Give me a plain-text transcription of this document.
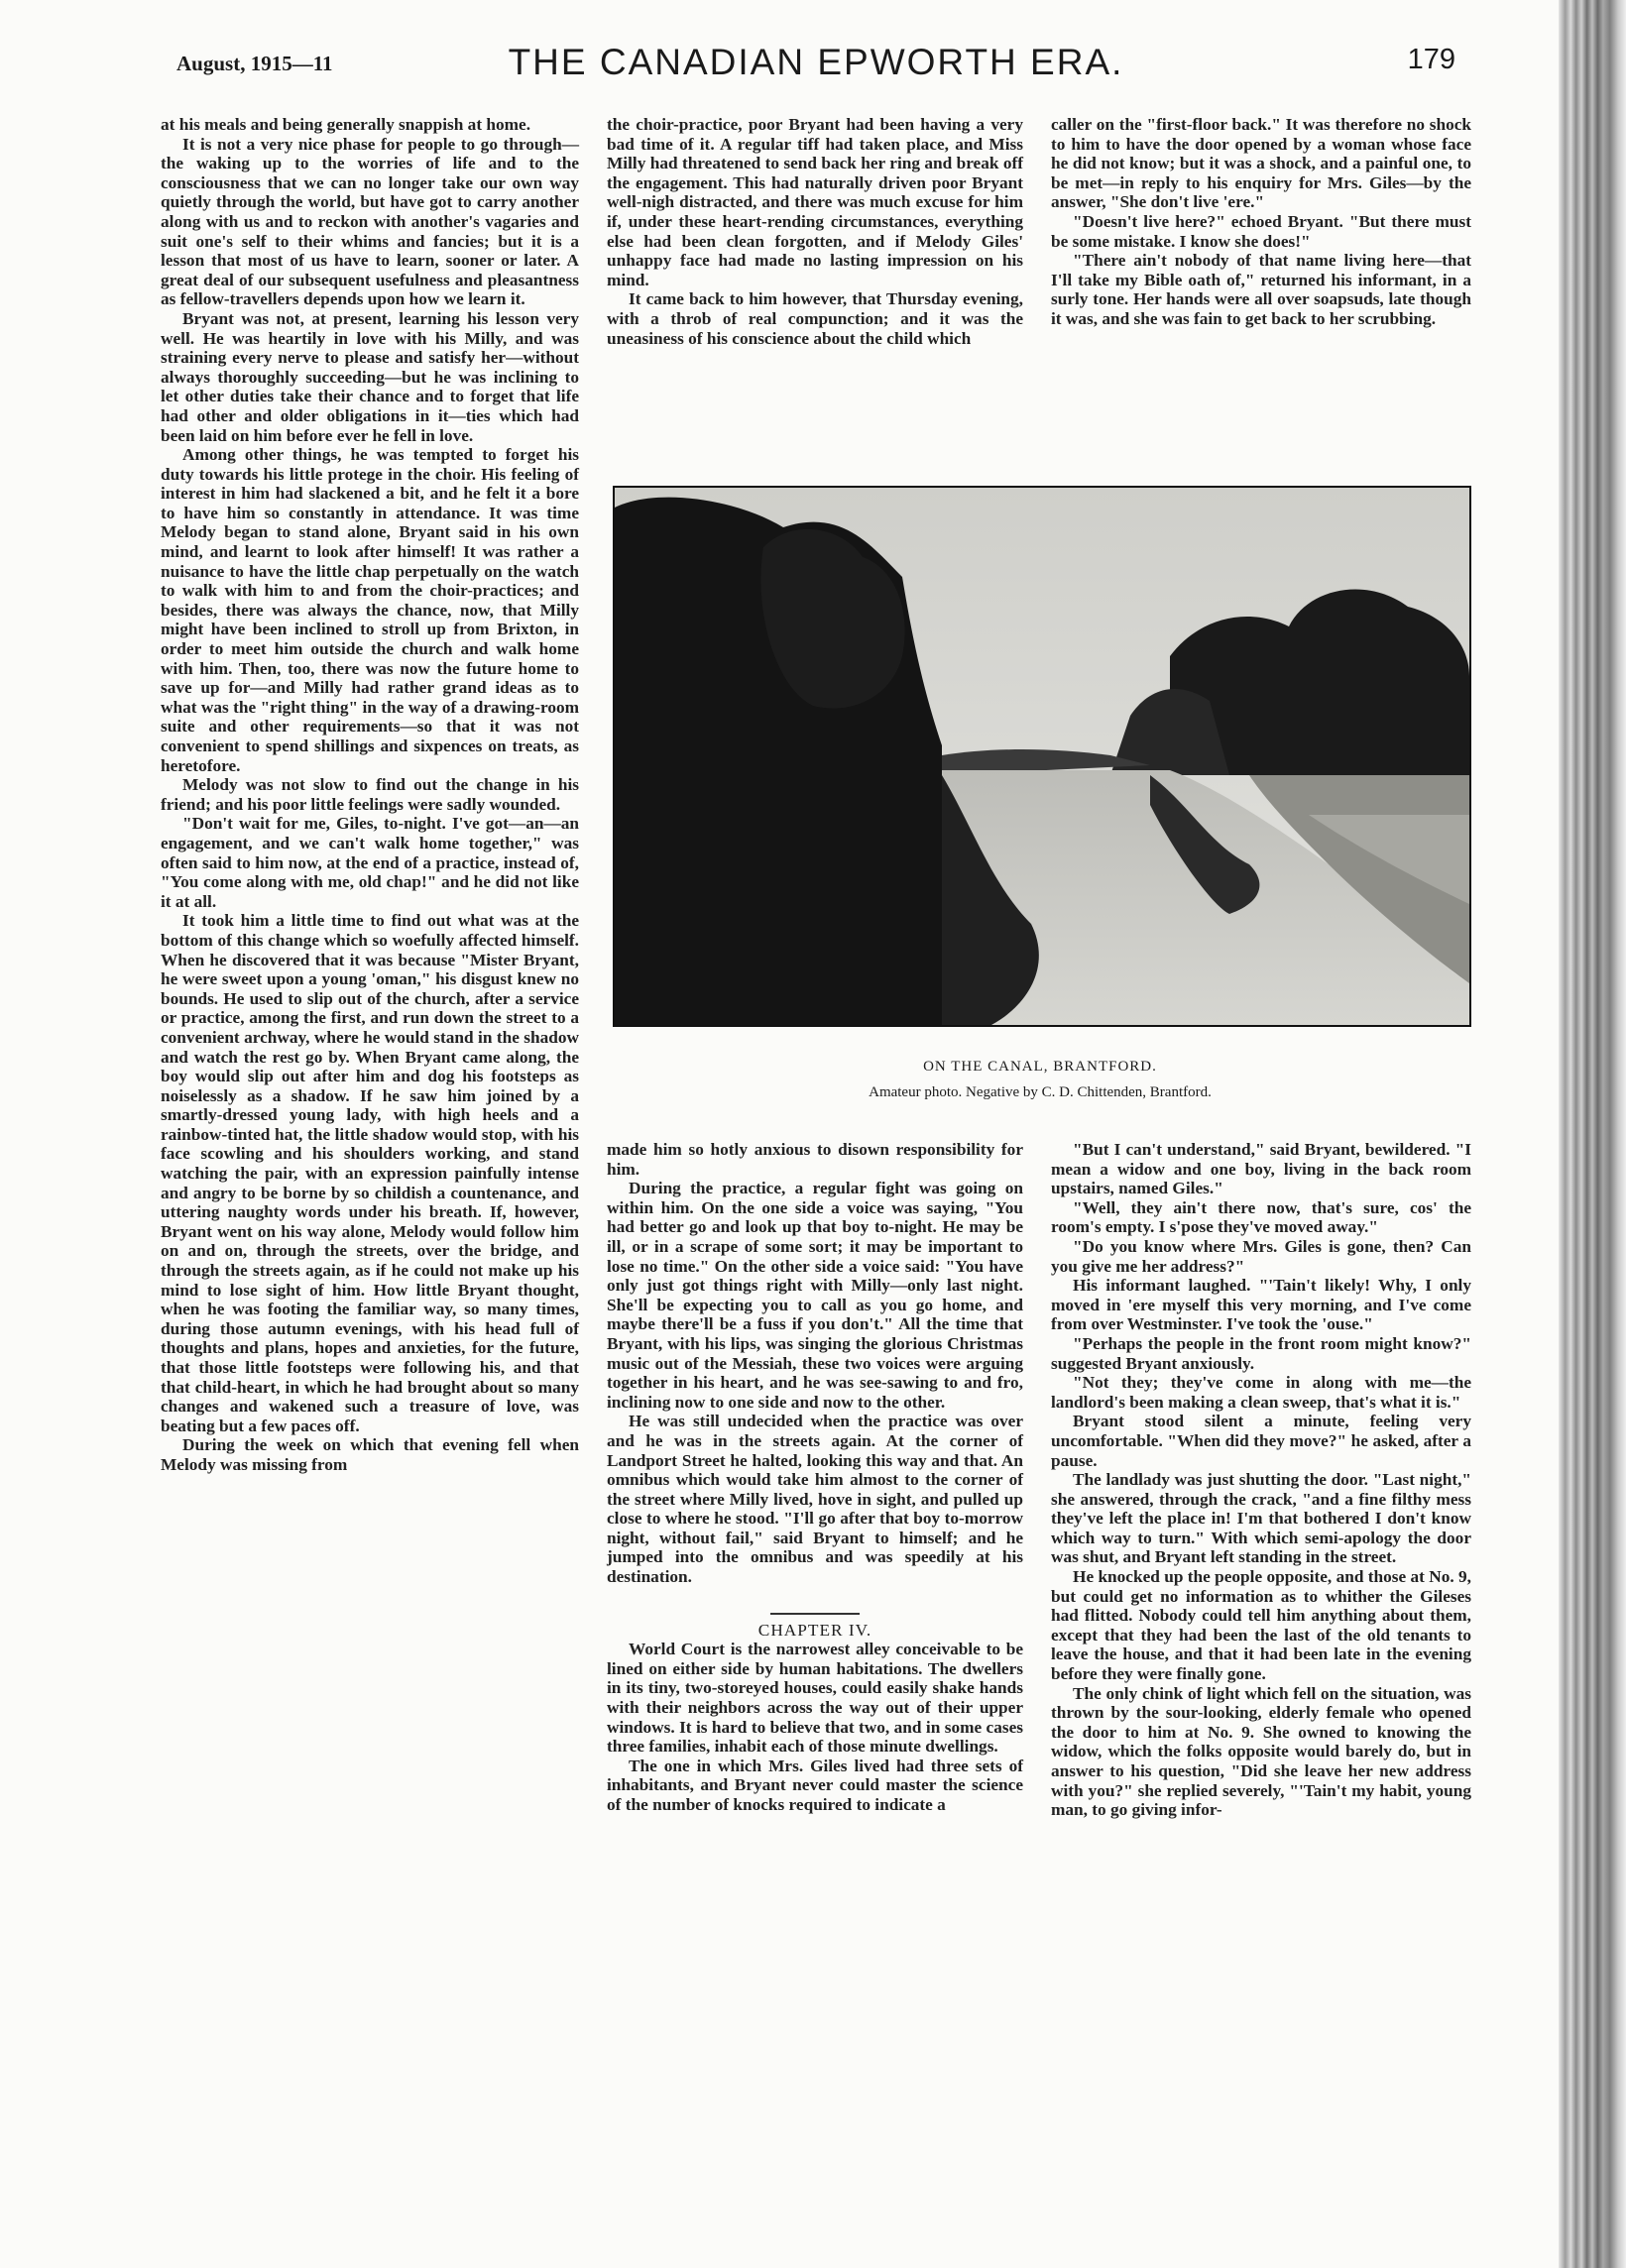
August, 1915—11	THE CANADIAN EPWORTH ERA.	179

at his meals and being generally snappish at home.

It is not a very nice phase for people to go through—the waking up to the worries of life and to the consciousness that we can no longer take our own way quietly through the world, but have got to carry another along with us and to reckon with another's vagaries and suit one's self to their whims and fancies; but it is a lesson that most of us have to learn, sooner or later. A great deal of our subsequent usefulness and pleasantness as fellow-travellers depends upon how we learn it.

Bryant was not, at present, learning his lesson very well. He was heartily in love with his Milly, and was straining every nerve to please and satisfy her—without always thoroughly succeeding—but he was inclining to let other duties take their chance and to forget that life had other and older obligations in it—ties which had been laid on him before ever he fell in love.

Among other things, he was tempted to forget his duty towards his little protege in the choir. His feeling of interest in him had slackened a bit, and he felt it a bore to have him so constantly in attendance. It was time Melody began to stand alone, Bryant said in his own mind, and learnt to look after himself! It was rather a nuisance to have the little chap perpetually on the watch to walk with him to and from the choir-practices; and besides, there was always the chance, now, that Milly might have been inclined to stroll up from Brixton, in order to meet him outside the church and walk home with him. Then, too, there was now the future home to save up for—and Milly had rather grand ideas as to what was the "right thing" in the way of a drawing-room suite and other requirements—so that it was not convenient to spend shillings and sixpences on treats, as heretofore.

Melody was not slow to find out the change in his friend; and his poor little feelings were sadly wounded.

"Don't wait for me, Giles, to-night. I've got—an—an engagement, and we can't walk home together," was often said to him now, at the end of a practice, instead of, "You come along with me, old chap!" and he did not like it at all.

It took him a little time to find out what was at the bottom of this change which so woefully affected himself. When he discovered that it was because "Mister Bryant, he were sweet upon a young 'oman," his disgust knew no bounds. He used to slip out of the church, after a service or practice, among the first, and run down the street to a convenient archway, where he would stand in the shadow and watch the rest go by. When Bryant came along, the boy would slip out after him and dog his footsteps as noiselessly as a shadow. If he saw him joined by a smartly-dressed young lady, with high heels and a rainbow-tinted hat, the little shadow would stop, with his face scowling and his shoulders working, and stand watching the pair, with an expression painfully intense and angry to be borne by so childish a countenance, and uttering naughty words under his breath. If, however, Bryant went on his way alone, Melody would follow him on and on, through the streets, over the bridge, and through the streets again, as if he could not make up his mind to lose sight of him. How little Bryant thought, when he was footing the familiar way, so many times, during those autumn evenings, with his head full of thoughts and plans, hopes and anxieties, for the future, that those little footsteps were following his, and that that child-heart, in which he had brought about so many changes and wakened such a treasure of love, was beating but a few paces off.

During the week on which that evening fell when Melody was missing from

the choir-practice, poor Bryant had been having a very bad time of it. A regular tiff had taken place, and Miss Milly had threatened to send back her ring and break off the engagement. This had naturally driven poor Bryant well-nigh distracted, and there was much excuse for him if, under these heart-rending circumstances, everything else had been clean forgotten, and if Melody Giles' unhappy face had made no lasting impression on his mind.

It came back to him however, that Thursday evening, with a throb of real compunction; and it was the uneasiness of his conscience about the child which

caller on the "first-floor back." It was therefore no shock to him to have the door opened by a woman whose face he did not know; but it was a shock, and a painful one, to be met—in reply to his enquiry for Mrs. Giles—by the answer, "She don't live 'ere."

"Doesn't live here?" echoed Bryant. "But there must be some mistake. I know she does!"

"There ain't nobody of that name living here—that I'll take my Bible oath of," returned his informant, in a surly tone. Her hands were all over soapsuds, late though it was, and she was fain to get back to her scrubbing.

ON THE CANAL, BRANTFORD.
Amateur photo. Negative by C. D. Chittenden, Brantford.

made him so hotly anxious to disown responsibility for him.

During the practice, a regular fight was going on within him. On the one side a voice was saying, "You had better go and look up that boy to-night. He may be ill, or in a scrape of some sort; it may be important to lose no time." On the other side a voice said: "You have only just got things right with Milly—only last night. She'll be expecting you to call as you go home, and maybe there'll be a fuss if you don't." All the time that Bryant, with his lips, was singing the glorious Christmas music out of the Messiah, these two voices were arguing together in his heart, and he was see-sawing to and fro, inclining now to one side and now to the other.

He was still undecided when the practice was over and he was in the streets again. At the corner of Landport Street he halted, looking this way and that. An omnibus which would take him almost to the corner of the street where Milly lived, hove in sight, and pulled up close to where he stood. "I'll go after that boy to-morrow night, without fail," said Bryant to himself; and he jumped into the omnibus and was speedily at his destination.

CHAPTER IV.

World Court is the narrowest alley conceivable to be lined on either side by human habitations. The dwellers in its tiny, two-storeyed houses, could easily shake hands with their neighbors across the way out of their upper windows. It is hard to believe that two, and in some cases three families, inhabit each of those minute dwellings.

The one in which Mrs. Giles lived had three sets of inhabitants, and Bryant never could master the science of the number of knocks required to indicate a

"But I can't understand," said Bryant, bewildered. "I mean a widow and one boy, living in the back room upstairs, named Giles."

"Well, they ain't there now, that's sure, cos' the room's empty. I s'pose they've moved away."

"Do you know where Mrs. Giles is gone, then? Can you give me her address?"

His informant laughed. "'Tain't likely! Why, I only moved in 'ere myself this very morning, and I've come from over Westminster. I've took the 'ouse."

"Perhaps the people in the front room might know?" suggested Bryant anxiously.

"Not they; they've come in along with me—the landlord's been making a clean sweep, that's what it is."

Bryant stood silent a minute, feeling very uncomfortable. "When did they move?" he asked, after a pause.

The landlady was just shutting the door. "Last night," she answered, through the crack, "and a fine filthy mess they've left the place in! I'm that bothered I don't know which way to turn." With which semi-apology the door was shut, and Bryant left standing in the street.

He knocked up the people opposite, and those at No. 9, but could get no information as to whither the Gileses had flitted. Nobody could tell him anything about them, except that they had been the last of the old tenants to leave the house, and that it had been late in the evening before they were finally gone.

The only chink of light which fell on the situation, was thrown by the sour-looking, elderly female who opened the door to him at No. 9. She owned to knowing the widow, which the folks opposite would barely do, but in answer to his question, "Did she leave her new address with you?" she replied severely, "'Tain't my habit, young man, to go giving infor-
